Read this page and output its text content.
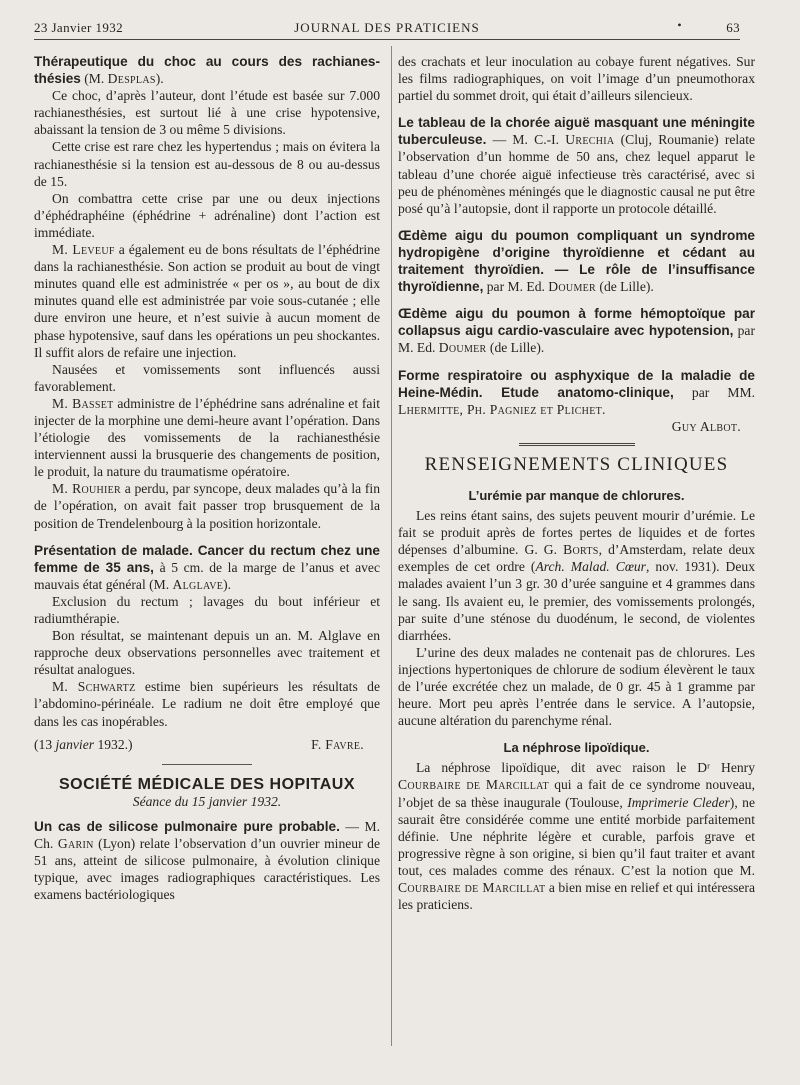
23 Janvier 1932	JOURNAL DES PRATICIENS	•	63

Thérapeutique du choc au cours des rachianes-thésies (M. Desplas).

Ce choc, d’après l’auteur, dont l’étude est basée sur 7.000 rachianesthésies, est surtout lié à une crise hypotensive, abaissant la tension de 3 ou même 5 divisions.

Cette crise est rare chez les hypertendus ; mais on évitera la rachianesthésie si la tension est au-dessous de 8 ou au-dessus de 15.

On combattra cette crise par une ou deux injections d’éphédraphéine (éphédrine + adrénaline) dont l’action est immédiate.

M. Leveuf a également eu de bons résultats de l’éphédrine dans la rachianesthésie. Son action se produit au bout de vingt minutes quand elle est administrée « per os », au bout de dix minutes quand elle est administrée par voie sous-cutanée ; elle dure environ une heure, et n’est suivie à aucun moment de phase hypotensive, sauf dans les opérations un peu shockantes. Il suffit alors de refaire une injection.

Nausées et vomissements sont influencés aussi favorablement.

M. Basset administre de l’éphédrine sans adrénaline et fait injecter de la morphine une demi-heure avant l’opération. Dans l’étiologie des vomissements de la rachianesthésie interviennent aussi la brusquerie des changements de position, le produit, la nature du traumatisme opératoire.

M. Rouhier a perdu, par syncope, deux malades qu’à la fin de l’opération, on avait fait passer trop brusquement de la position de Trendelenbourg à la position horizontale.

Présentation de malade. Cancer du rectum chez une femme de 35 ans, à 5 cm. de la marge de l’anus et avec mauvais état général (M. Alglave).

Exclusion du rectum ; lavages du bout inférieur et radiumthérapie.

Bon résultat, se maintenant depuis un an. M. Alglave en rapproche deux observations personnelles avec traitement et résultat analogues.

M. Schwartz estime bien supérieurs les résultats de l’abdomino-périnéale. Le radium ne doit être employé que dans les cas inopérables.

(13 janvier 1932.)	F. Favre.
SOCIÉTÉ MÉDICALE DES HOPITAUX
Séance du 15 janvier 1932.

Un cas de silicose pulmonaire pure probable. — M. Ch. Garin (Lyon) relate l’observation d’un ouvrier mineur de 51 ans, atteint de silicose pulmonaire, à évolution clinique typique, avec images radiographiques caractéristiques. Les examens bactériologiques

des crachats et leur inoculation au cobaye furent négatives. Sur les films radiographiques, on voit l’image d’un pneumothorax partiel du sommet droit, qui était d’ailleurs silencieux.

Le tableau de la chorée aiguë masquant une méningite tuberculeuse. — M. C.-I. Urechia (Cluj, Roumanie) relate l’observation d’un homme de 50 ans, chez lequel apparut le tableau d’une chorée aiguë infectieuse très caractérisé, avec si peu de phénomènes méningés que le diagnostic causal ne put être posé qu’à l’autopsie, dont il rapporte un protocole détaillé.

Œdème aigu du poumon compliquant un syndrome hydropigène d’origine thyroïdienne et cédant au traitement thyroïdien. — Le rôle de l’insuffisance thyroïdienne, par M. Ed. Doumer (de Lille).

Œdème aigu du poumon à forme hémoptoïque par collapsus aigu cardio-vasculaire avec hypotension, par M. Ed. Doumer (de Lille).

Forme respiratoire ou asphyxique de la maladie de Heine-Médin. Etude anatomo-clinique, par MM. Lhermitte, Ph. Pagniez et Plichet.

Guy Albot.

RENSEIGNEMENTS CLINIQUES
L’urémie par manque de chlorures.

Les reins étant sains, des sujets peuvent mourir d’urémie. Le fait se produit après de fortes pertes de liquides et de fortes dépenses d’albumine. G. G. Borts, d’Amsterdam, relate deux exemples de cet ordre (Arch. Malad. Cœur, nov. 1931). Deux malades avaient l’un 3 gr. 30 d’urée sanguine et 4 grammes dans le sang. Ils avaient eu, le premier, des vomissements prolongés, par suite d’une sténose du duodénum, le second, de violentes diarrhées.

L’urine des deux malades ne contenait pas de chlorures. Les injections hypertoniques de chlorure de sodium élevèrent le taux de l’urée excrétée chez un malade, de 0 gr. 45 à 1 gramme par heure. Mort peu après l’entrée dans le service. A l’autopsie, aucune altération du parenchyme rénal.

La néphrose lipoïdique.

La néphrose lipoïdique, dit avec raison le Dʳ Henry Courbaire de Marcillat qui a fait de ce syndrome nouveau, l’objet de sa thèse inaugurale (Toulouse, Imprimerie Cleder), ne saurait être considérée comme une entité morbide parfaitement définie. Une néphrite légère et curable, parfois grave et progressive règne à son origine, si bien qu’il faut traiter et avant tout, ces malades comme des rénaux. C’est la notion que M. Courbaire de Marcillat a bien mise en relief et qui intéressera les praticiens.
